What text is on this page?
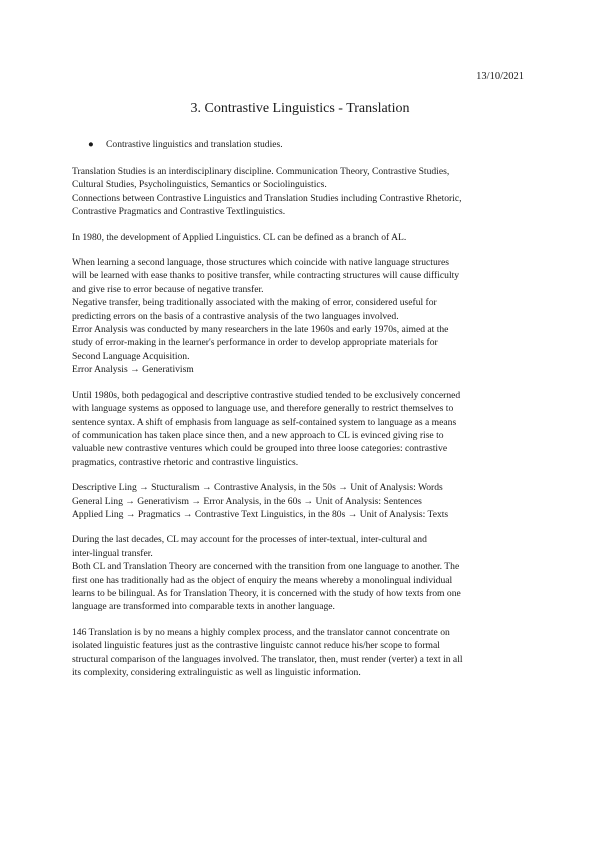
13/10/2021
3. Contrastive Linguistics - Translation
● Contrastive linguistics and translation studies.

Translation Studies is an interdisciplinary discipline. Communication Theory, Contrastive Studies,
Cultural Studies, Psycholinguistics, Semantics or Sociolinguistics.
Connections between Contrastive Linguistics and Translation Studies including Contrastive Rhetoric,
Contrastive Pragmatics and Contrastive Textlinguistics.

In 1980, the development of Applied Linguistics. CL can be defined as a branch of AL.

When learning a second language, those structures which coincide with native language structures
will be learned with ease thanks to positive transfer, while contracting structures will cause difficulty
and give rise to error because of negative transfer.
Negative transfer, being traditionally associated with the making of error, considered useful for
predicting errors on the basis of a contrastive analysis of the two languages involved.
Error Analysis was conducted by many researchers in the late 1960s and early 1970s, aimed at the
study of error-making in the learner's performance in order to develop appropriate materials for
Second Language Acquisition.
Error Analysis → Generativism

Until 1980s, both pedagogical and descriptive contrastive studied tended to be exclusively concerned
with language systems as opposed to language use, and therefore generally to restrict themselves to
sentence syntax. A shift of emphasis from language as self-contained system to language as a means
of communication has taken place since then, and a new approach to CL is evinced giving rise to
valuable new contrastive ventures which could be grouped into three loose categories: contrastive
pragmatics, contrastive rhetoric and contrastive linguistics.

Descriptive Ling → Stucturalism → Contrastive Analysis, in the 50s → Unit of Analysis: Words
General Ling → Generativism → Error Analysis, in the 60s → Unit of Analysis: Sentences
Applied Ling → Pragmatics → Contrastive Text Linguistics, in the 80s → Unit of Analysis: Texts

During the last decades, CL may account for the processes of inter-textual, inter-cultural and
inter-lingual transfer.
Both CL and Translation Theory are concerned with the transition from one language to another. The
first one has traditionally had as the object of enquiry the means whereby a monolingual individual
learns to be bilingual. As for Translation Theory, it is concerned with the study of how texts from one
language are transformed into comparable texts in another language.

146 Translation is by no means a highly complex process, and the translator cannot concentrate on
isolated linguistic features just as the contrastive linguistc cannot reduce his/her scope to formal
structural comparison of the languages involved. The translator, then, must render (verter) a text in all
its complexity, considering extralinguistic as well as linguistic information.
